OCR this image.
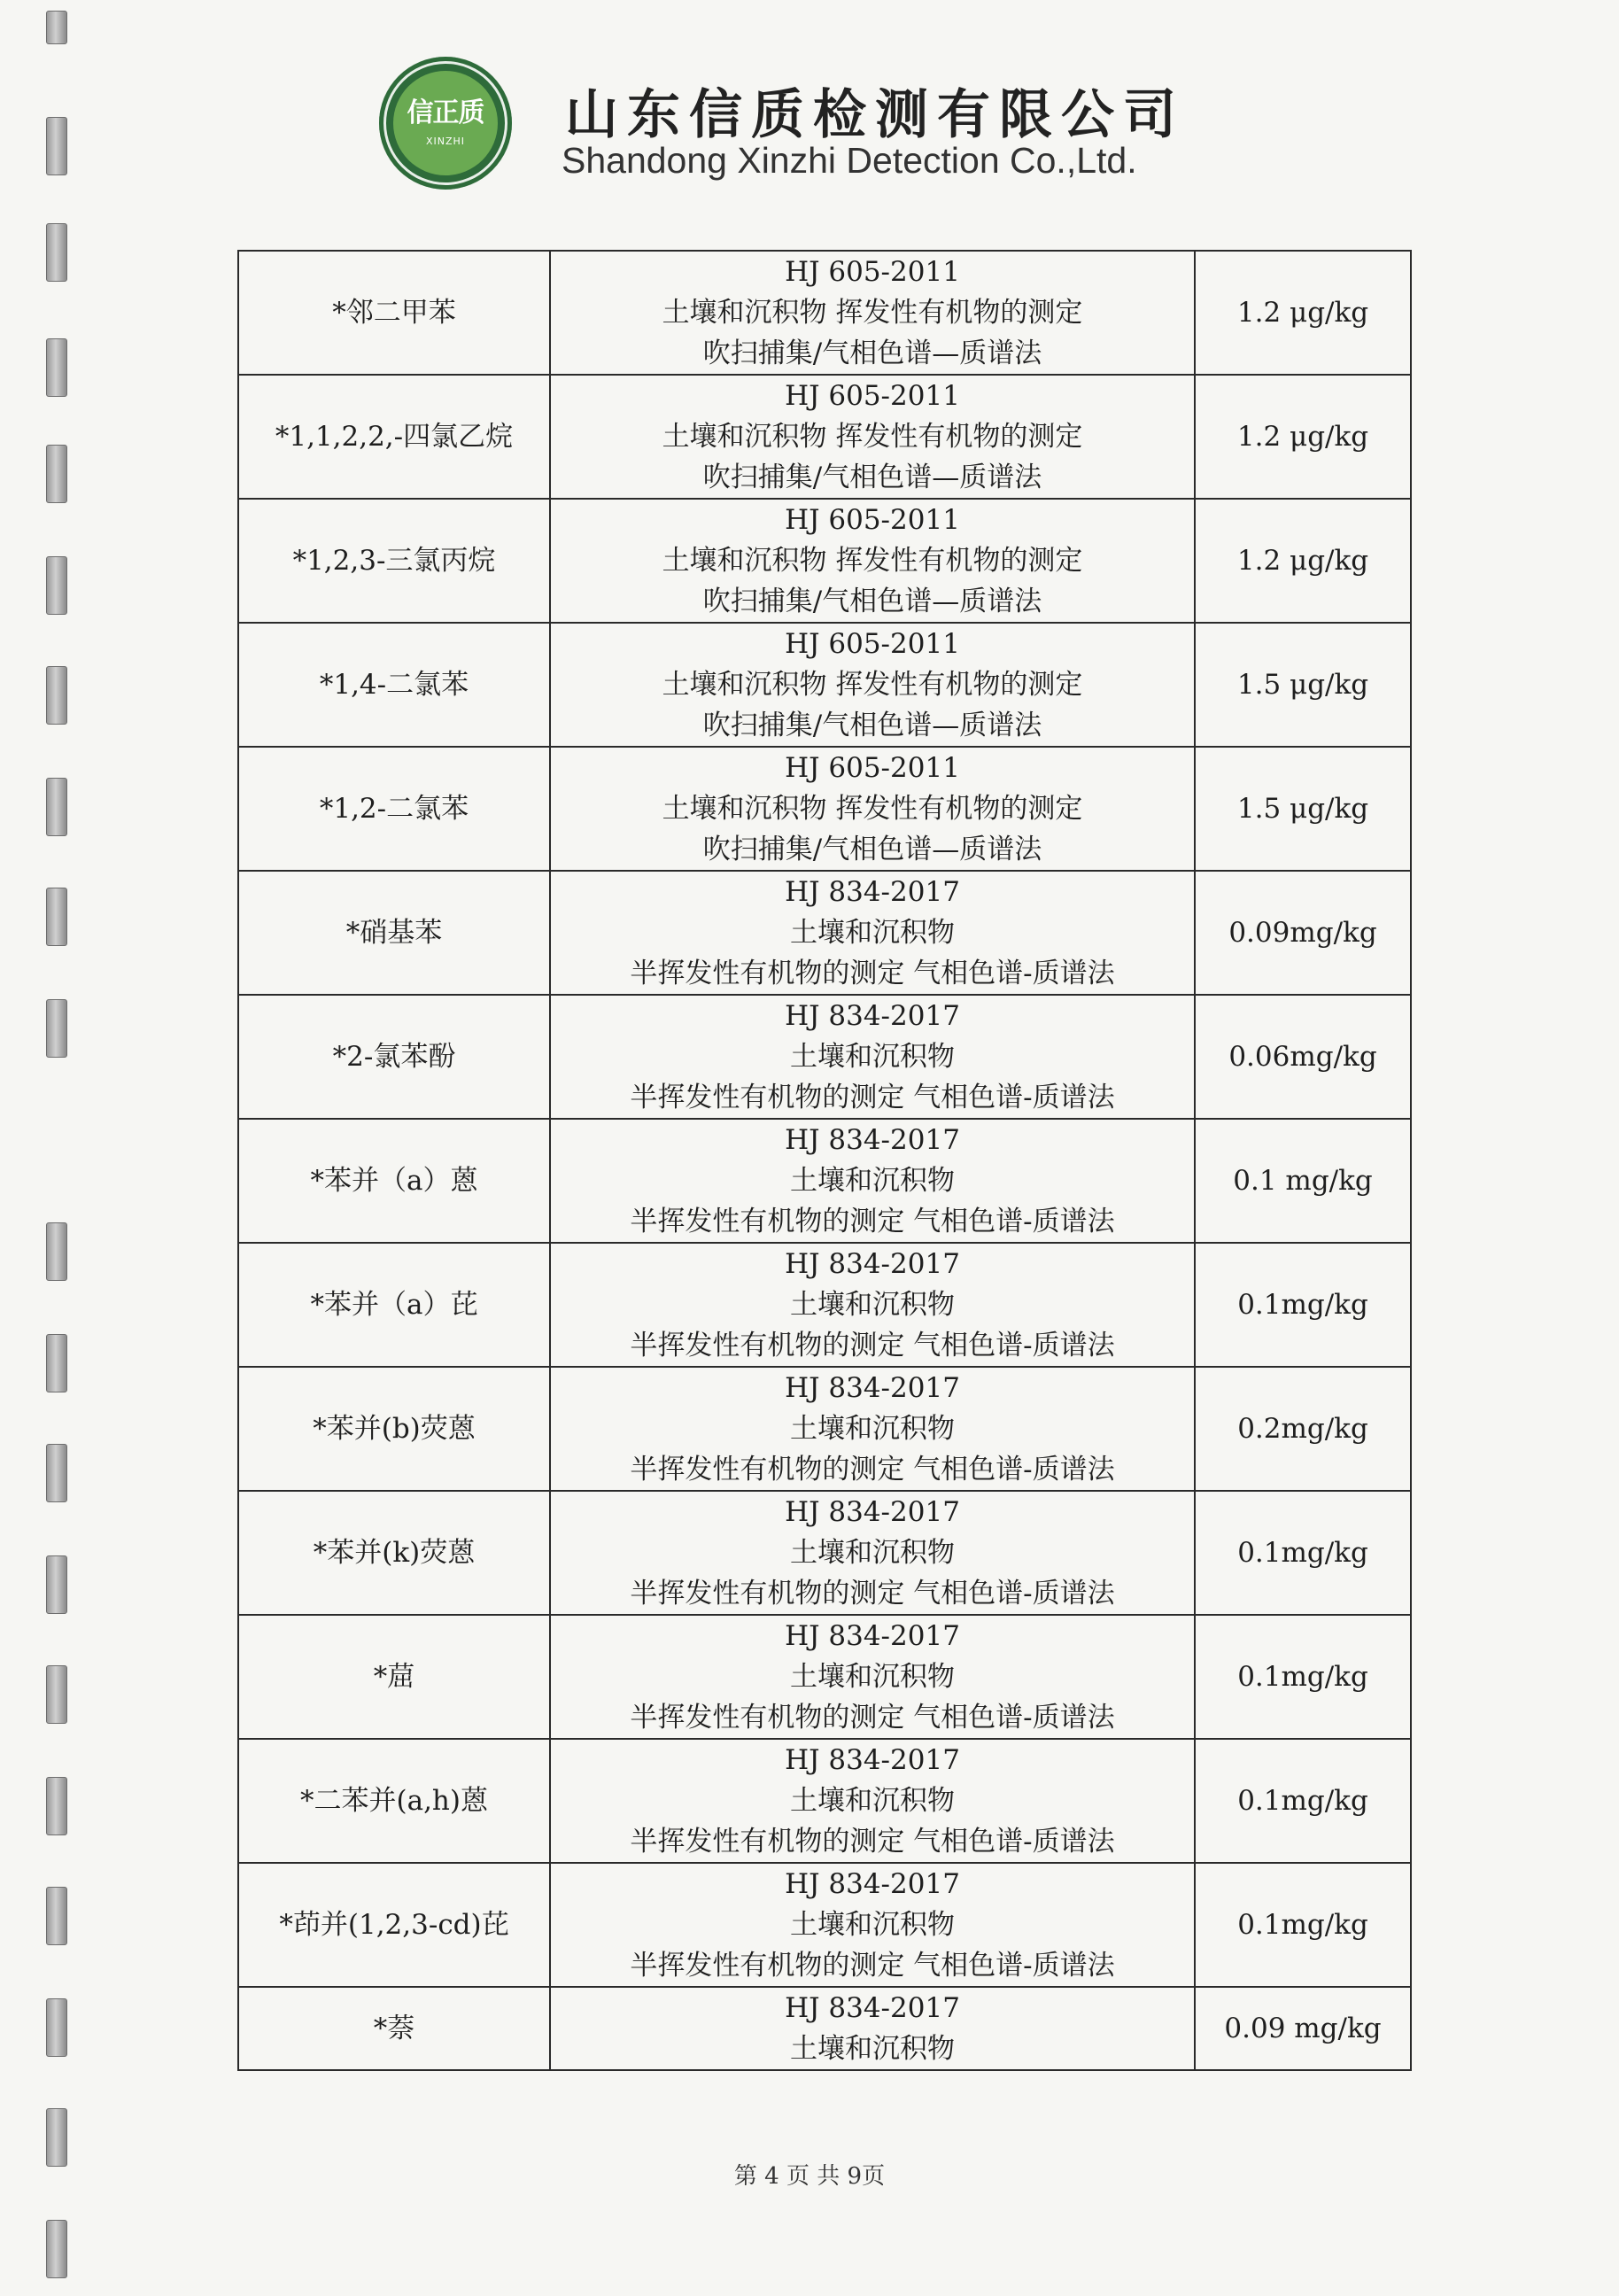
信正质
XINZHI 山东信质检测有限公司
Shandong Xinzhi Detection Co.,Ltd.
*邻二甲苯	HJ 605-2011
土壤和沉积物 挥发性有机物的测定
吹扫捕集/气相色谱—质谱法	1.2 μg/kg
*1,1,2,2,-四氯乙烷	HJ 605-2011
土壤和沉积物 挥发性有机物的测定
吹扫捕集/气相色谱—质谱法	1.2 μg/kg
*1,2,3-三氯丙烷	HJ 605-2011
土壤和沉积物 挥发性有机物的测定
吹扫捕集/气相色谱—质谱法	1.2 μg/kg
*1,4-二氯苯	HJ 605-2011
土壤和沉积物 挥发性有机物的测定
吹扫捕集/气相色谱—质谱法	1.5 μg/kg
*1,2-二氯苯	HJ 605-2011
土壤和沉积物 挥发性有机物的测定
吹扫捕集/气相色谱—质谱法	1.5 μg/kg
*硝基苯	HJ 834-2017
土壤和沉积物
半挥发性有机物的测定 气相色谱-质谱法	0.09mg/kg
*2-氯苯酚	HJ 834-2017
土壤和沉积物
半挥发性有机物的测定 气相色谱-质谱法	0.06mg/kg
*苯并（a）蒽	HJ 834-2017
土壤和沉积物
半挥发性有机物的测定 气相色谱-质谱法	0.1 mg/kg
*苯并（a）芘	HJ 834-2017
土壤和沉积物
半挥发性有机物的测定 气相色谱-质谱法	0.1mg/kg
*苯并(b)荧蒽	HJ 834-2017
土壤和沉积物
半挥发性有机物的测定 气相色谱-质谱法	0.2mg/kg
*苯并(k)荧蒽	HJ 834-2017
土壤和沉积物
半挥发性有机物的测定 气相色谱-质谱法	0.1mg/kg
*䓛	HJ 834-2017
土壤和沉积物
半挥发性有机物的测定 气相色谱-质谱法	0.1mg/kg
*二苯并(a,h)蒽	HJ 834-2017
土壤和沉积物
半挥发性有机物的测定 气相色谱-质谱法	0.1mg/kg
*茚并(1,2,3-cd)芘	HJ 834-2017
土壤和沉积物
半挥发性有机物的测定 气相色谱-质谱法	0.1mg/kg
*萘	HJ 834-2017
土壤和沉积物	0.09 mg/kg
第 4 页 共 9页
